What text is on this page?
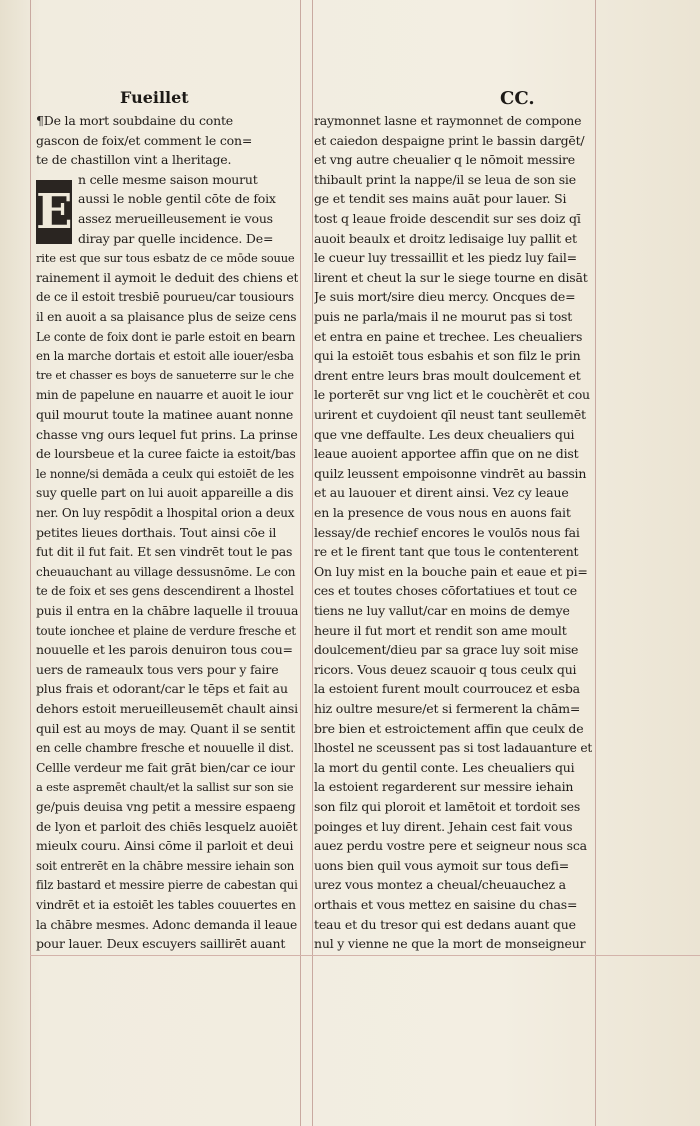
Fueillet	CC.
E
¶De la mort soubdaine du conte
gascon de foix/et comment le con=
te de chastillon vint a lheritage.
n celle mesme saison mourut
aussi le noble gentil cōte de foix
assez merueilleusement ie vous
diray par quelle incidence. De=
rite est que sur tous esbatz de ce mōde souue
rainement il aymoit le deduit des chiens et
de ce il estoit tresbiē pourueu/car tousiours
il en auoit a sa plaisance plus de seize cens
Le conte de foix dont ie parle estoit en bearn
en la marche dortais et estoit alle iouer/esba
tre et chasser es boys de sanueterre sur le che
min de papelune en nauarre et auoit le iour
quil mourut toute la matinee auant nonne
chasse vng ours lequel fut prins. La prinse
de loursbeue et la curee faicte ia estoit/bas
le nonne/si demāda a ceulx qui estoiēt de les
suy quelle part on lui auoit appareille a dis
ner. On luy respōdit a lhospital orion a deux
petites lieues dorthais. Tout ainsi cōe il
fut dit il fut fait. Et sen vindrēt tout le pas
cheuauchant au village dessusnōme. Le con
te de foix et ses gens descendirent a lhostel
puis il entra en la chābre laquelle il trouua
toute ionchee et plaine de verdure fresche et
nouuelle et les parois denuiron tous cou=
uers de rameaulx tous vers pour y faire
plus frais et odorant/car le tēps et fait au
dehors estoit merueilleusemēt chault ainsi
quil est au moys de may. Quant il se sentit
en celle chambre fresche et nouuelle il dist.
Cellle verdeur me fait grāt bien/car ce iour
a este aspremēt chault/et la sallist sur son sie
ge/puis deuisa vng petit a messire espaeng
de lyon et parloit des chiēs lesquelz auoiēt
mieulx couru. Ainsi cōme il parloit et deui
soit entrerēt en la chābre messire iehain son
filz bastard et messire pierre de cabestan qui
vindrēt et ia estoiēt les tables couuertes en
la chābre mesmes. Adonc demanda il leaue
pour lauer. Deux escuyers saillirēt auant
raymonnet lasne et raymonnet de compone
et caiedon despaigne print le bassin dargēt/
et vng autre cheualier q le nōmoit messire
thibault print la nappe/il se leua de son sie
ge et tendit ses mains auāt pour lauer. Si
tost q leaue froide descendit sur ses doiz qī
auoit beaulx et droitz ledisaige luy pallit et
le cueur luy tressaillit et les piedz luy fail=
lirent et cheut la sur le siege tourne en disāt
Je suis mort/sire dieu mercy. Oncques de=
puis ne parla/mais il ne mourut pas si tost
et entra en paine et trechee. Les cheualiers
qui la estoiēt tous esbahis et son filz le prin
drent entre leurs bras moult doulcement et
le porterēt sur vng lict et le couchèrēt et cou
urirent et cuydoient qīl neust tant seullemēt
que vne deffaulte. Les deux cheualiers qui
leaue auoient apportee affin que on ne dist
quilz leussent empoisonne vindrēt au bassin
et au lauouer et dirent ainsi. Vez cy leaue
en la presence de vous nous en auons fait
lessay/de rechief encores le voulōs nous fai
re et le firent tant que tous le contenterent
On luy mist en la bouche pain et eaue et pi=
ces et toutes choses cōfortatiues et tout ce
tiens ne luy vallut/car en moins de demye
heure il fut mort et rendit son ame moult
doulcement/dieu par sa grace luy soit mise
ricors. Vous deuez scauoir q tous ceulx qui
la estoient furent moult courroucez et esba
hiz oultre mesure/et si fermerent la chām=
bre bien et estroictement affin que ceulx de
lhostel ne sceussent pas si tost ladauanture et
la mort du gentil conte. Les cheualiers qui
la estoient regarderent sur messire iehain
son filz qui ploroit et lamētoit et tordoit ses
poinges et luy dirent. Jehain cest fait vous
auez perdu vostre pere et seigneur nous sca
uons bien quil vous aymoit sur tous defi=
urez vous montez a cheual/cheuauchez a
orthais et vous mettez en saisine du chas=
teau et du tresor qui est dedans auant que
nul y vienne ne que la mort de monseigneur
